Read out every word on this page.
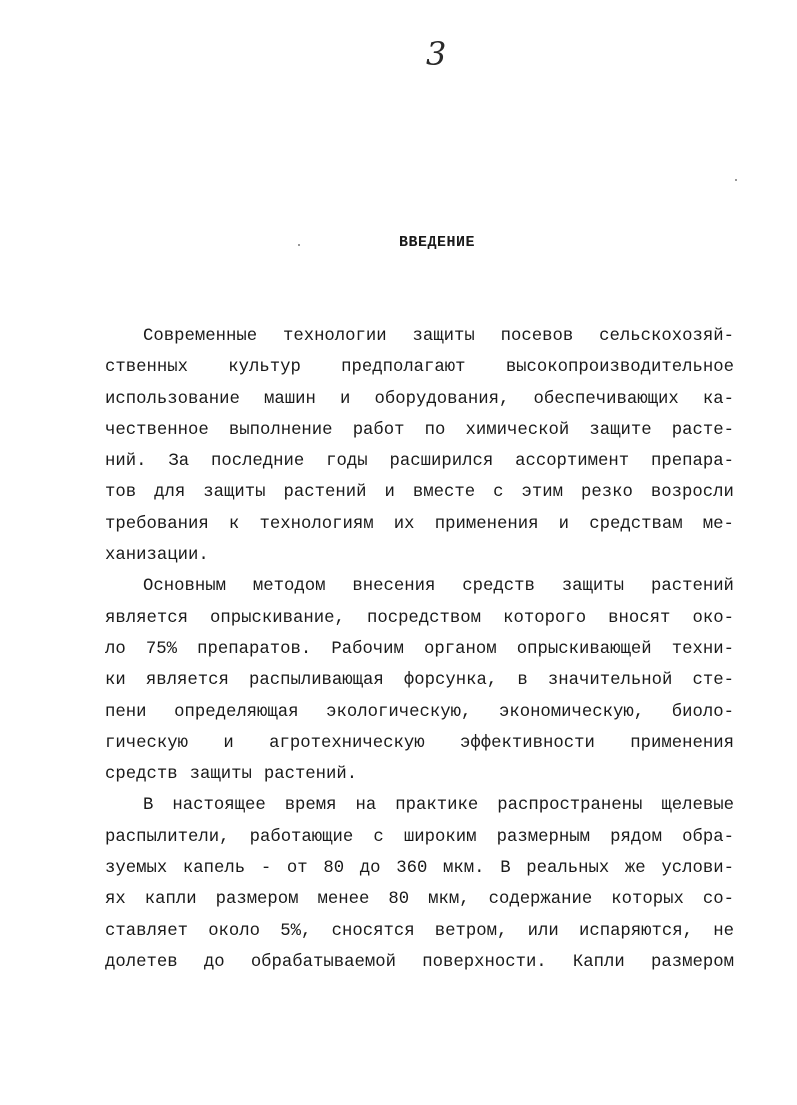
3
ВВЕДЕНИЕ
Современные технологии защиты посевов сельскохозяй-
ственных культур предполагают высокопроизводительное
использование машин и оборудования, обеспечивающих ка-
чественное выполнение работ по химической защите расте-
ний. За последние годы расширился ассортимент препара-
тов для защиты растений и вместе с этим резко возросли
требования к технологиям их применения и средствам ме-
ханизации.
Основным методом внесения средств защиты растений
является опрыскивание, посредством которого вносят око-
ло 75% препаратов. Рабочим органом опрыскивающей техни-
ки является распыливающая форсунка, в значительной сте-
пени определяющая экологическую, экономическую, биоло-
гическую и агротехническую эффективности применения
средств защиты растений.
В настоящее время на практике распространены щелевые
распылители, работающие с широким размерным рядом обра-
зуемых капель - от 80 до 360 мкм. В реальных же услови-
ях капли размером менее 80 мкм, содержание которых со-
ставляет около 5%, сносятся ветром, или испаряются, не
долетев до обрабатываемой поверхности. Капли размером
